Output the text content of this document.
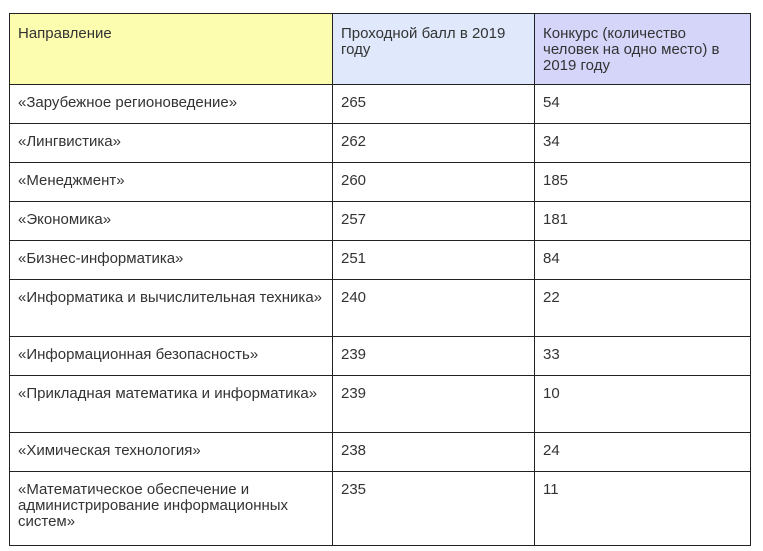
Направление	Проходной балл в 2019 году	Конкурс (количество человек на одно место) в 2019 году
«Зарубежное регионоведение»	265	54
«Лингвистика»	262	34
«Менеджмент»	260	185
«Экономика»	257	181
«Бизнес-информатика»	251	84
«Информатика и вычислительная техника»	240	22
«Информационная безопасность»	239	33
«Прикладная математика и информатика»	239	10
«Химическая технология»	238	24
«Математическое обеспечение и администрирование информационных систем»	235	11
